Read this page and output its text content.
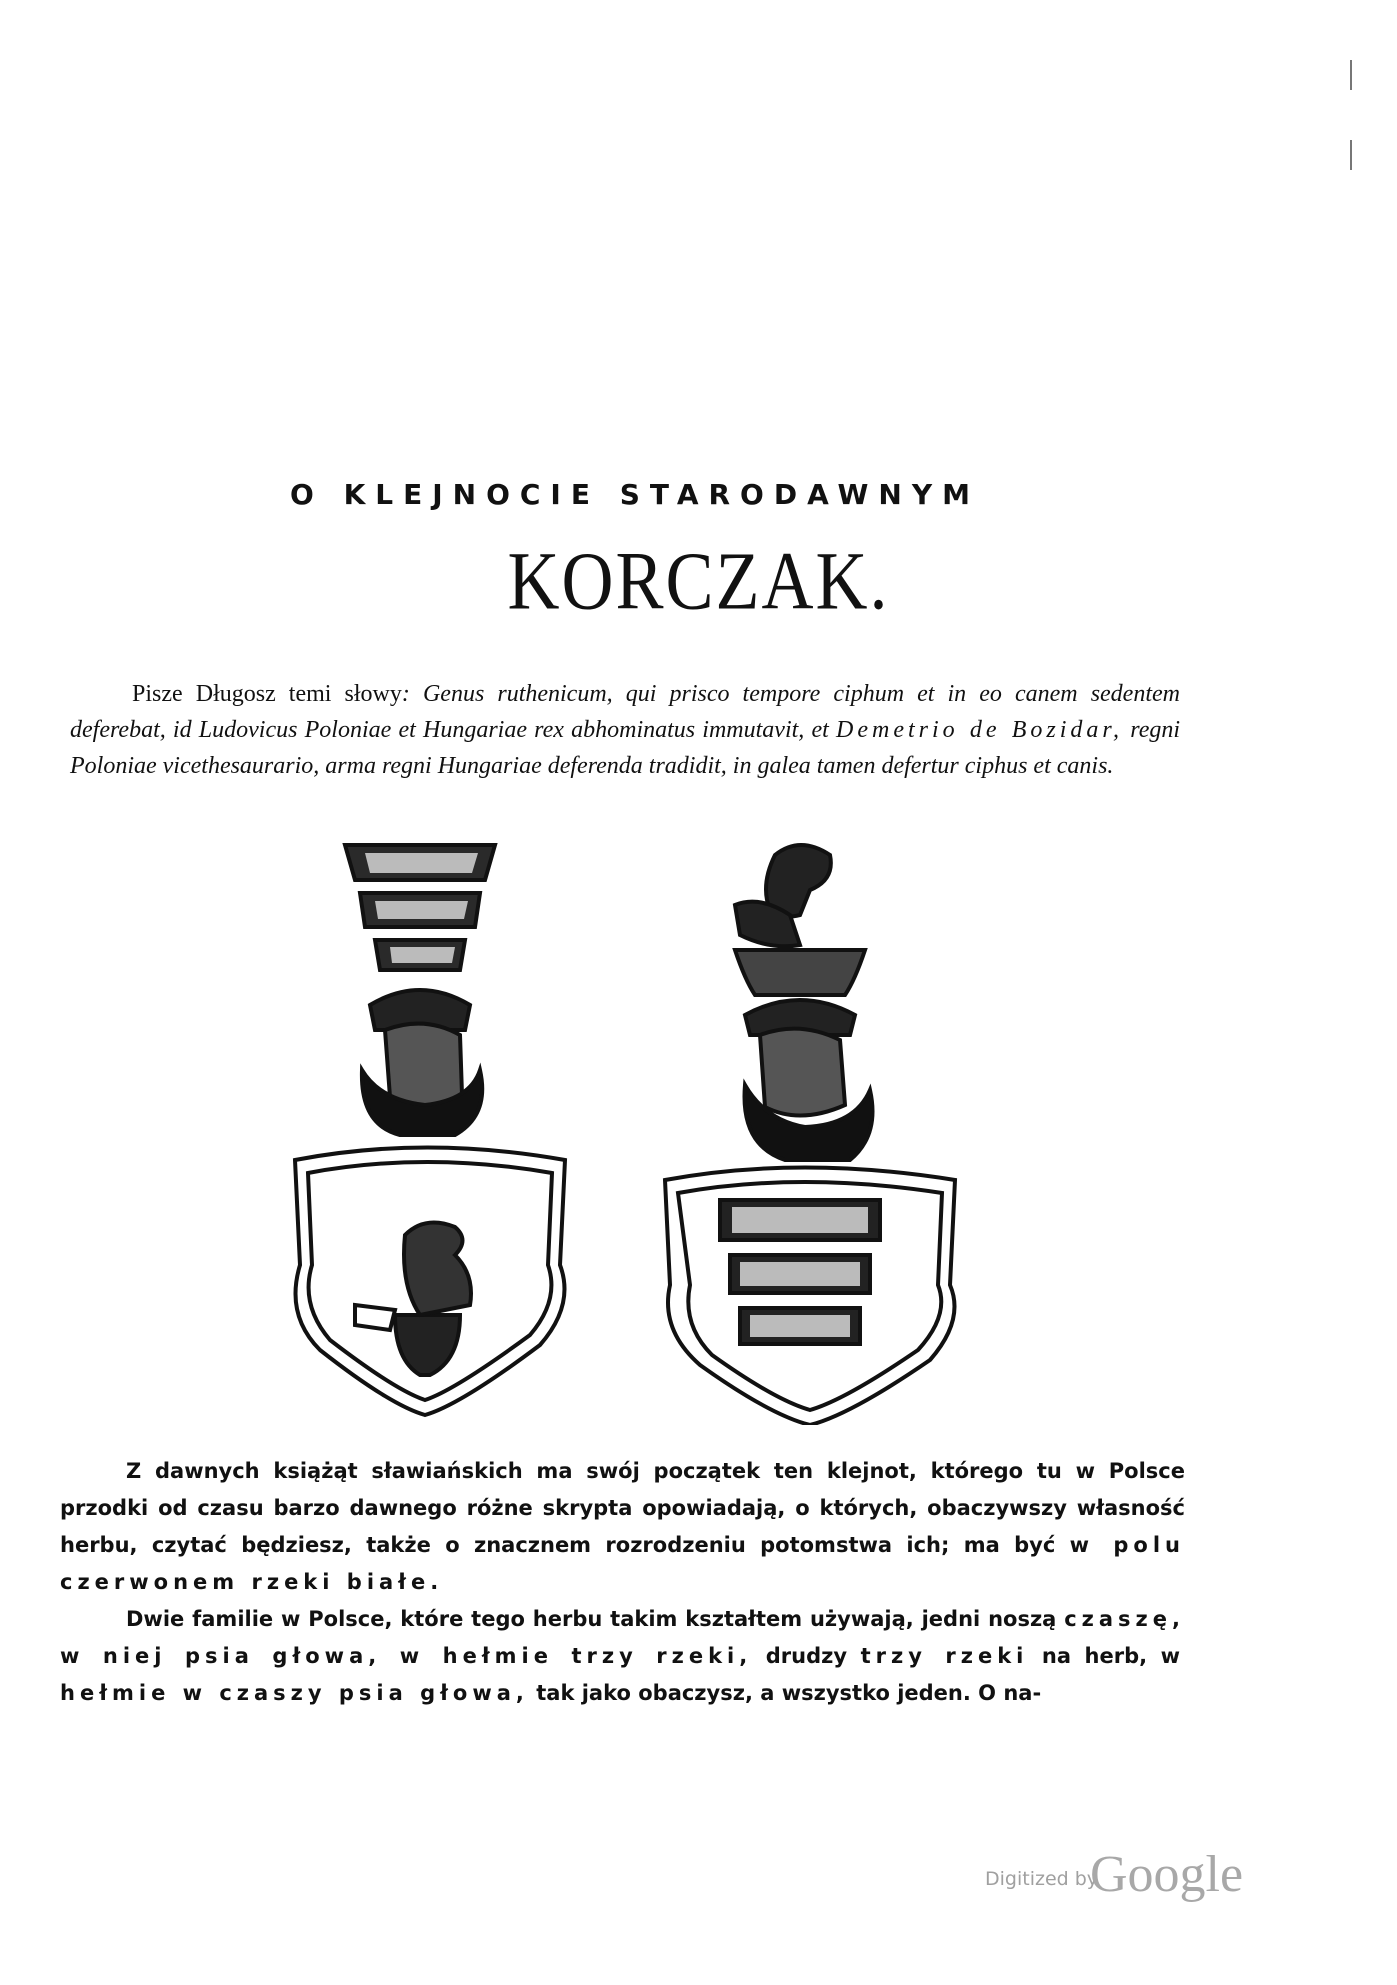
O KLEJNOCIE STARODAWNYM
KORCZAK.

Pisze Długosz temi słowy: Genus ruthenicum, qui prisco tempore ciphum et in eo canem sedentem deferebat, id Ludovicus Poloniae et Hungariae rex abhominatus immutavit, et Demetrio de Bozidar, regni Poloniae vicethesaurario, arma regni Hungariae deferenda tradidit, in galea tamen defertur ciphus et canis.

Z dawnych książąt sławiańskich ma swój początek ten klejnot, którego tu w Polsce przodki od czasu barzo dawnego różne skrypta opowiadają, o których, obaczywszy własność herbu, czytać będziesz, także o znacznem rozrodzeniu potomstwa ich; ma być w polu czerwonem rzeki białe.

Dwie familie w Polsce, które tego herbu takim kształtem używają, jedni noszą czaszę, w niej psia głowa, w hełmie trzy rzeki, drudzy trzy rzeki na herb, w hełmie w czaszy psia głowa, tak jako obaczysz, a wszystko jeden. O na-

Digitized by
Google
